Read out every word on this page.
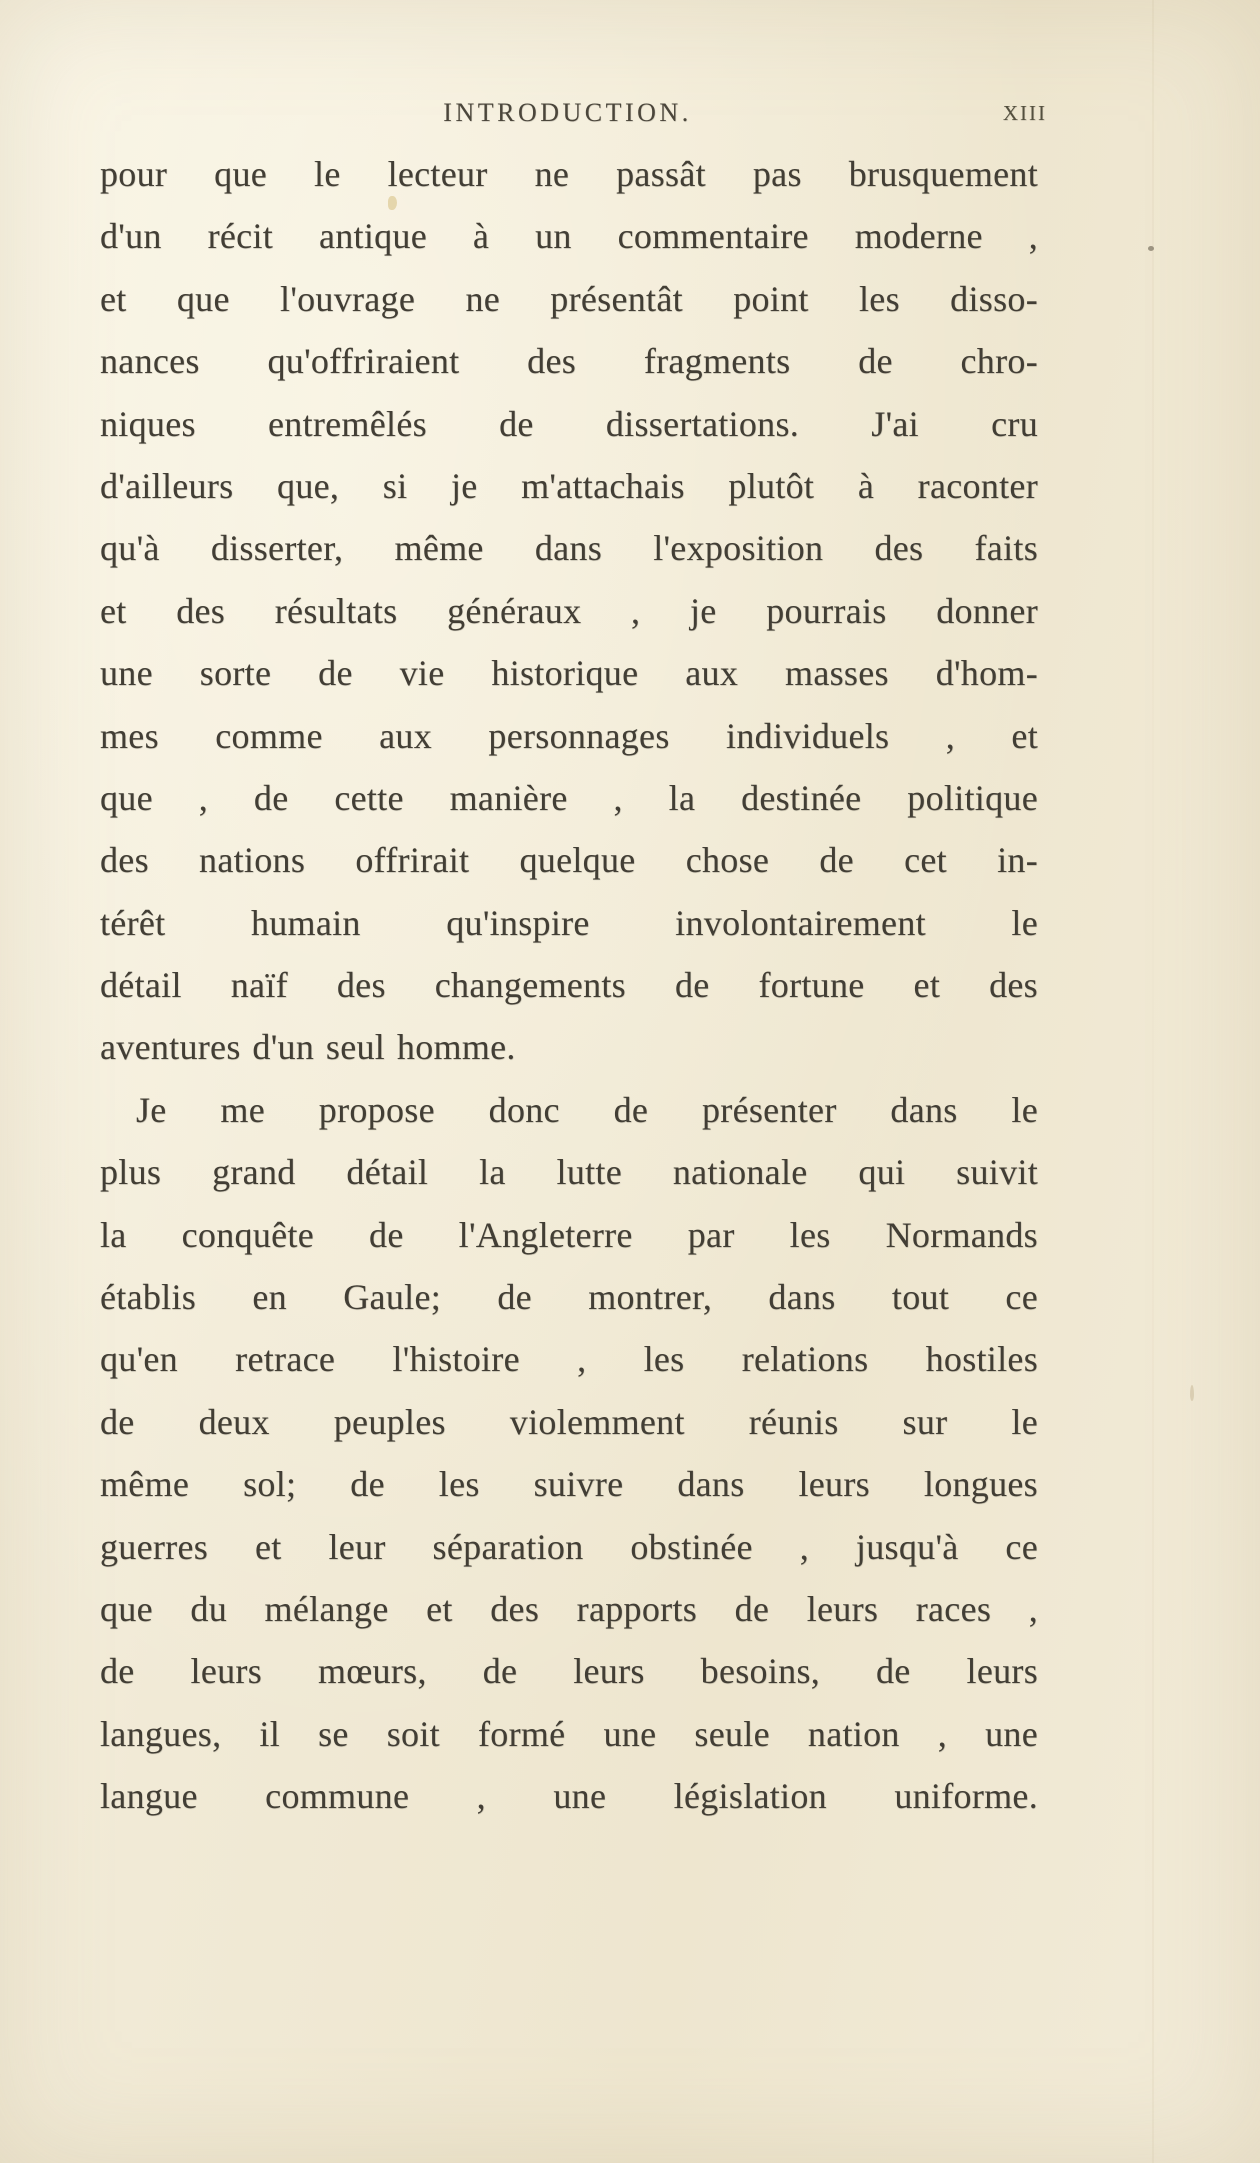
INTRODUCTION.	XIII
pour que le lecteur ne passât pas brusquement
d'un récit antique à un commentaire moderne ,
et que l'ouvrage ne présentât point les disso-
nances qu'offriraient des fragments de chro-
niques entremêlés de dissertations. J'ai cru
d'ailleurs que, si je m'attachais plutôt à raconter
qu'à disserter, même dans l'exposition des faits
et des résultats généraux , je pourrais donner
une sorte de vie historique aux masses d'hom-
mes comme aux personnages individuels , et
que , de cette manière , la destinée politique
des nations offrirait quelque chose de cet in-
térêt humain qu'inspire involontairement le
détail naïf des changements de fortune et des
aventures d'un seul homme.
Je me propose donc de présenter dans le
plus grand détail la lutte nationale qui suivit
la conquête de l'Angleterre par les Normands
établis en Gaule; de montrer, dans tout ce
qu'en retrace l'histoire , les relations hostiles
de deux peuples violemment réunis sur le
même sol; de les suivre dans leurs longues
guerres et leur séparation obstinée , jusqu'à ce
que du mélange et des rapports de leurs races ,
de leurs mœurs, de leurs besoins, de leurs
langues, il se soit formé une seule nation , une
langue commune , une législation uniforme.
